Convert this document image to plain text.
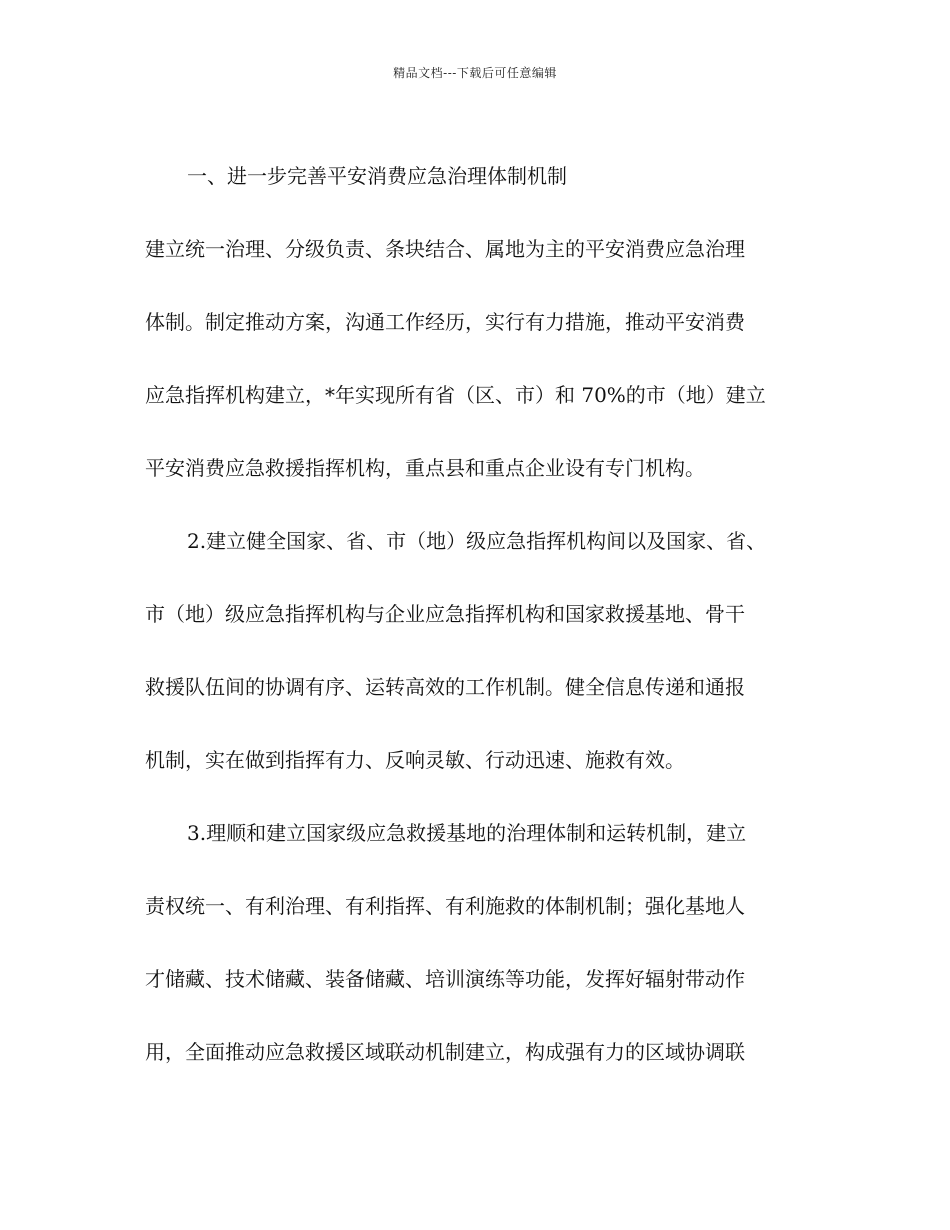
精品文档---下载后可任意编辑
一、进一步完善平安消费应急治理体制机制
建立统一治理、分级负责、条块结合、属地为主的平安消费应急治理
体制。制定推动方案，沟通工作经历，实行有力措施，推动平安消费
应急指挥机构建立，*年实现所有省（区、市）和 70%的市（地）建立
平安消费应急救援指挥机构，重点县和重点企业设有专门机构。
2.建立健全国家、省、市（地）级应急指挥机构间以及国家、省、
市（地）级应急指挥机构与企业应急指挥机构和国家救援基地、骨干
救援队伍间的协调有序、运转高效的工作机制。健全信息传递和通报
机制，实在做到指挥有力、反响灵敏、行动迅速、施救有效。
3.理顺和建立国家级应急救援基地的治理体制和运转机制，建立
责权统一、有利治理、有利指挥、有利施救的体制机制；强化基地人
才储藏、技术储藏、装备储藏、培训演练等功能，发挥好辐射带动作
用，全面推动应急救援区域联动机制建立，构成强有力的区域协调联
